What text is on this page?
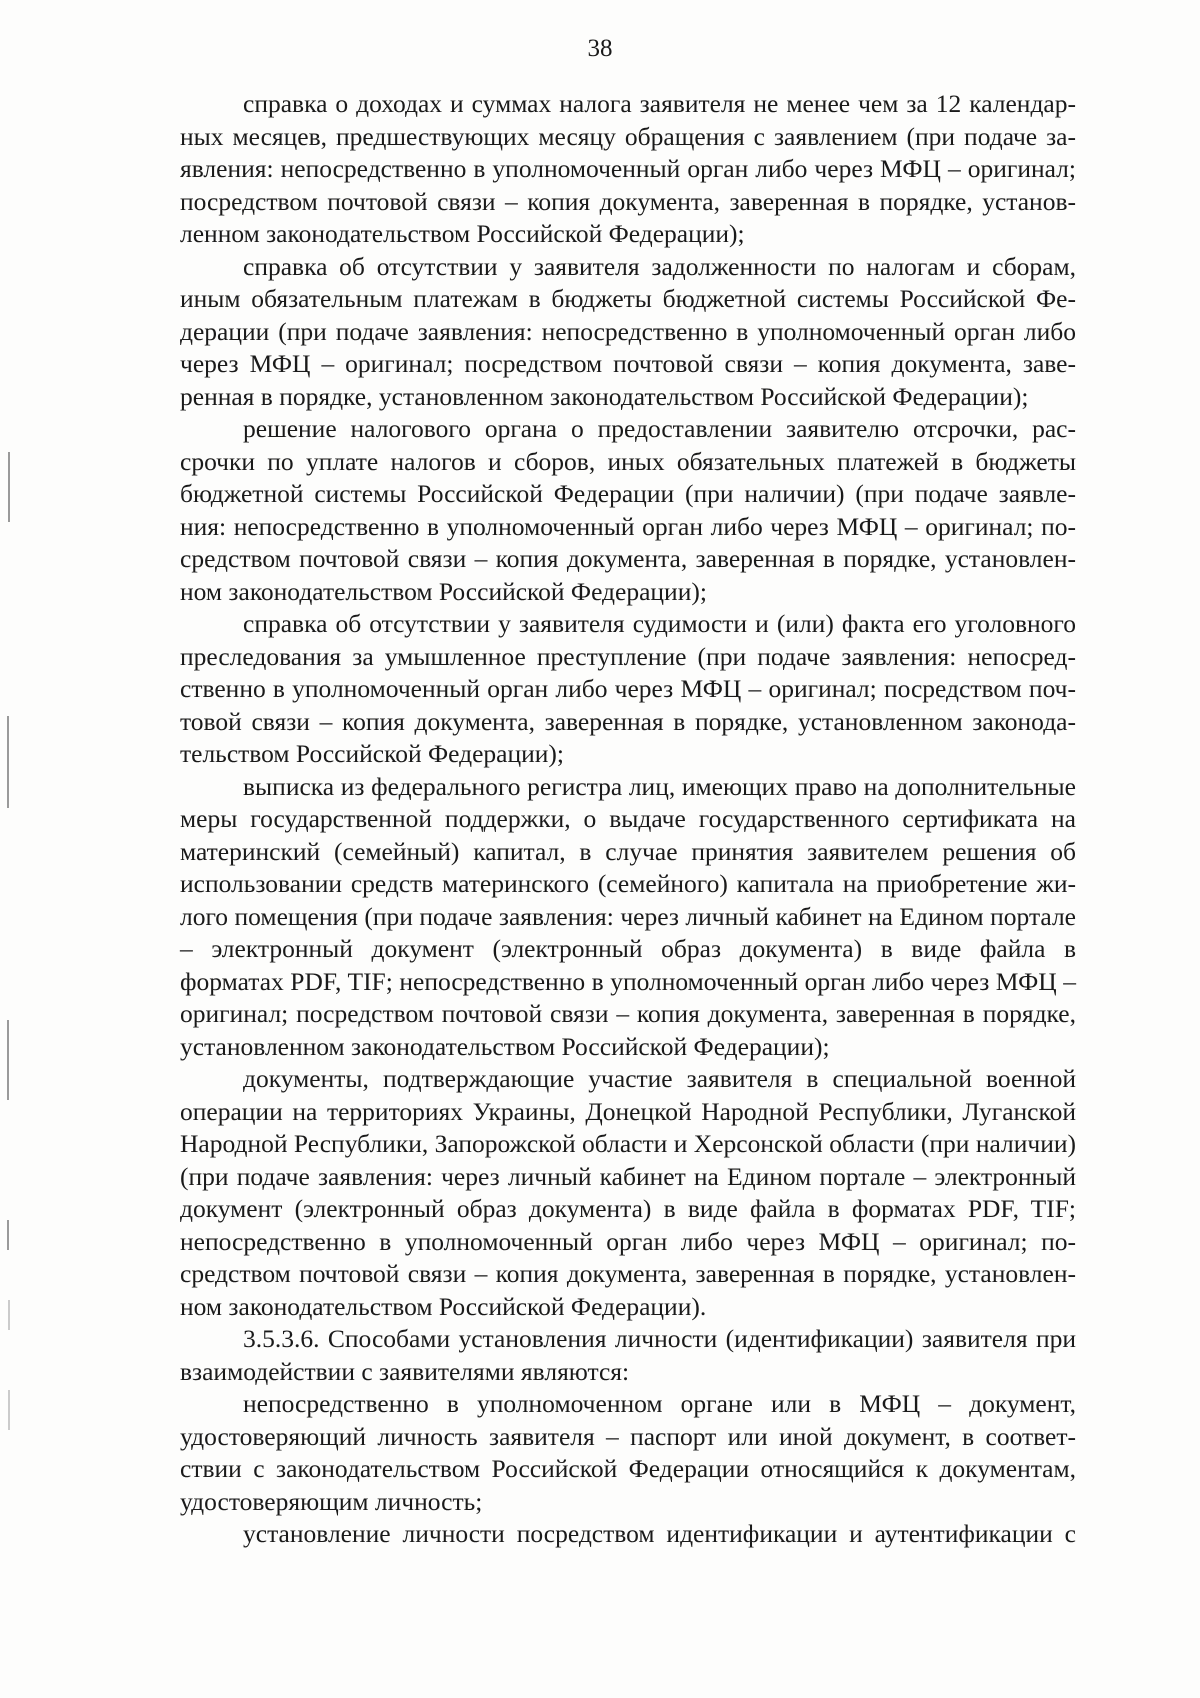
38

справка о доходах и суммах налога заявителя не менее чем за 12 календарных месяцев, предшествующих месяцу обращения с заявлением (при подаче заявления: непосредственно в уполномоченный орган либо через МФЦ – оригинал; посредством почтовой связи – копия документа, заверенная в порядке, установленном законодательством Российской Федерации);

справка об отсутствии у заявителя задолженности по налогам и сборам, иным обязательным платежам в бюджеты бюджетной системы Российской Федерации (при подаче заявления: непосредственно в уполномоченный орган либо через МФЦ – оригинал; посредством почтовой связи – копия документа, заверенная в порядке, установленном законодательством Российской Федерации);

решение налогового органа о предоставлении заявителю отсрочки, рассрочки по уплате налогов и сборов, иных обязательных платежей в бюджеты бюджетной системы Российской Федерации (при наличии) (при подаче заявления: непосредственно в уполномоченный орган либо через МФЦ – оригинал; посредством почтовой связи – копия документа, заверенная в порядке, установленном законодательством Российской Федерации);

справка об отсутствии у заявителя судимости и (или) факта его уголовного преследования за умышленное преступление (при подаче заявления: непосредственно в уполномоченный орган либо через МФЦ – оригинал; посредством почтовой связи – копия документа, заверенная в порядке, установленном законодательством Российской Федерации);

выписка из федерального регистра лиц, имеющих право на дополнительные меры государственной поддержки, о выдаче государственного сертификата на материнский (семейный) капитал, в случае принятия заявителем решения об использовании средств материнского (семейного) капитала на приобретение жилого помещения (при подаче заявления: через личный кабинет на Едином портале – электронный документ (электронный образ документа) в виде файла в форматах PDF, TIF; непосредственно в уполномоченный орган либо через МФЦ – оригинал; посредством почтовой связи – копия документа, заверенная в порядке, установленном законодательством Российской Федерации);

документы, подтверждающие участие заявителя в специальной военной операции на территориях Украины, Донецкой Народной Республики, Луганской Народной Республики, Запорожской области и Херсонской области (при наличии) (при подаче заявления: через личный кабинет на Едином портале – электронный документ (электронный образ документа) в виде файла в форматах PDF, TIF; непосредственно в уполномоченный орган либо через МФЦ – оригинал; посредством почтовой связи – копия документа, заверенная в порядке, установленном законодательством Российской Федерации).

3.5.3.6. Способами установления личности (идентификации) заявителя при взаимодействии с заявителями являются:

непосредственно в уполномоченном органе или в МФЦ – документ, удостоверяющий личность заявителя – паспорт или иной документ, в соответствии с законодательством Российской Федерации относящийся к документам, удостоверяющим личность;

установление личности посредством идентификации и аутентификации с
